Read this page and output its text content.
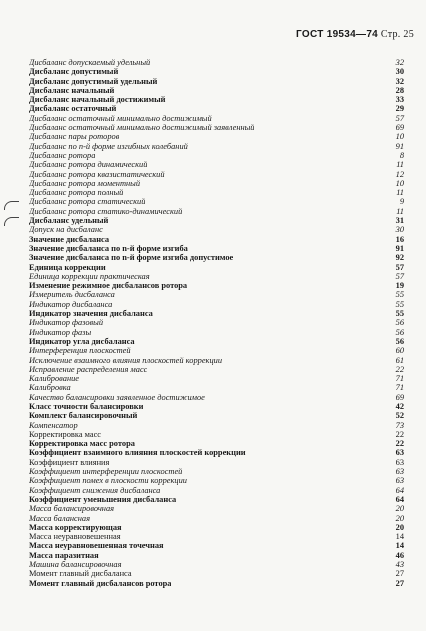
ГОСТ 19534—74 Стр. 25
Дисбаланс допускаемый удельный	32
Дисбаланс допустимый	30
Дисбаланс допустимый удельный	32
Дисбаланс начальный	28
Дисбаланс начальный достижимый	33
Дисбаланс остаточный	29
Дисбаланс остаточный минимально достижимый	57
Дисбаланс остаточный минимально достижимый заявленный	69
Дисбаланс пары роторов	10
Дисбаланс по n-й форме изгибных колебаний	91
Дисбаланс ротора	8
Дисбаланс ротора динамический	11
Дисбаланс ротора квазистатический	12
Дисбаланс ротора моментный	10
Дисбаланс ротора полный	11
Дисбаланс ротора статический	9
Дисбаланс ротора статико-динамический	11
Дисбаланс удельный	31
Допуск на дисбаланс	30
Значение дисбаланса	16
Значение дисбаланса по n-й форме изгиба	91
Значение дисбаланса по n-й форме изгиба допустимое	92
Единица коррекции	57
Единица коррекции практическая	57
Изменение режимное дисбалансов ротора	19
Измеритель дисбаланса	55
Индикатор дисбаланса	55
Индикатор значения дисбаланса	55
Индикатор фазовый	56
Индикатор фазы	56
Индикатор угла дисбаланса	56
Интерференция плоскостей	60
Исключение взаимного влияния плоскостей коррекции	61
Исправление распределения масс	22
Калибрование	71
Калибровка	71
Качество балансировки заявленное достижимое	69
Класс точности балансировки	42
Комплект балансировочный	52
Компенсатор	73
Корректировка масс	22
Корректировка масс ротора	22
Коэффициент взаимного влияния плоскостей коррекции	63
Коэффициент влияния	63
Коэффициент интерференции плоскостей	63
Коэффициент помех в плоскости коррекции	63
Коэффициент снижения дисбаланса	64
Коэффициент уменьшения дисбаланса	64
Масса балансировочная	20
Масса балансная	20
Масса корректирующая	20
Масса неуравновешенная	14
Масса неуравновешенная точечная	14
Масса паразитная	46
Машина балансировочная	43
Момент главный дисбаланса	27
Момент главный дисбалансов ротора	27
